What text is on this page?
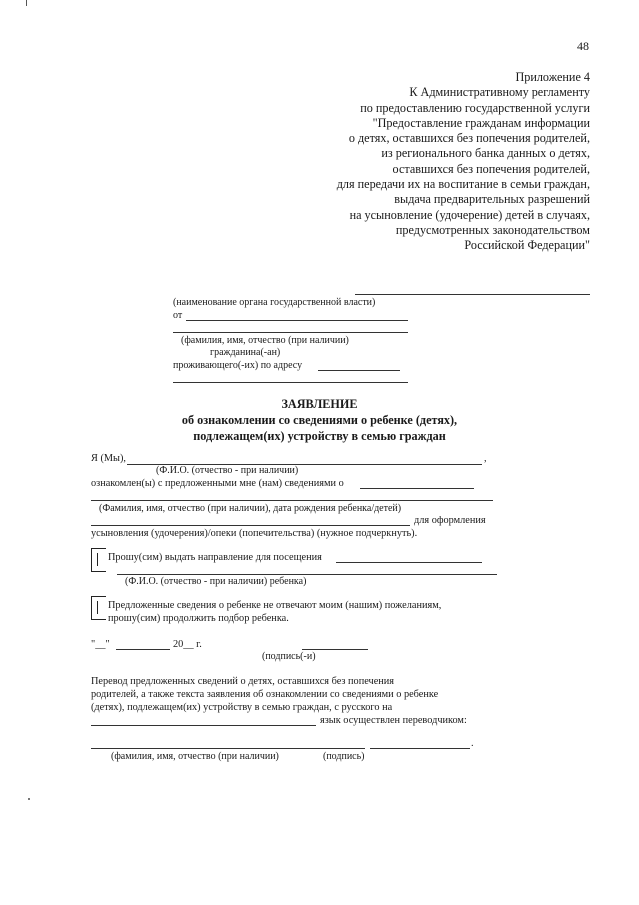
48
Приложение 4
К Административному регламенту
по предоставлению государственной услуги
"Предоставление гражданам информации
о детях, оставшихся без попечения родителей,
из регионального банка данных о детях,
оставшихся без попечения родителей,
для передачи их на воспитание в семьи граждан,
выдача предварительных разрешений
на усыновление (удочерение) детей в случаях,
предусмотренных законодательством
Российской Федерации"
(наименование органа государственной власти)
от
(фамилия, имя, отчество (при наличии)
гражданина(-ан)
проживающего(-их) по адресу
ЗАЯВЛЕНИЕ
об ознакомлении со сведениями о ребенке (детях),
подлежащем(их) устройству в семью граждан
Я (Мы),	,
(Ф.И.О. (отчество - при наличии)
ознакомлен(ы) с предложенными мне (нам) сведениями о
(Фамилия, имя, отчество (при наличии), дата рождения ребенка/детей)
для оформления
усыновления (удочерения)/опеки (попечительства) (нужное подчеркнуть).
Прошу(сим) выдать направление для посещения
(Ф.И.О. (отчество - при наличии) ребенка)
Предложенные сведения о ребенке не отвечают моим (нашим) пожеланиям,
прошу(сим) продолжить подбор ребенка.
"__"	20__ г.
(подпись(-и)
Перевод предложенных сведений о детях, оставшихся без попечения
родителей, а также текста заявления об ознакомлении со сведениями о ребенке
(детях), подлежащем(их) устройству в семью граждан, с русского на
язык осуществлен переводчиком:
.
(фамилия, имя, отчество (при наличии)	(подпись)
